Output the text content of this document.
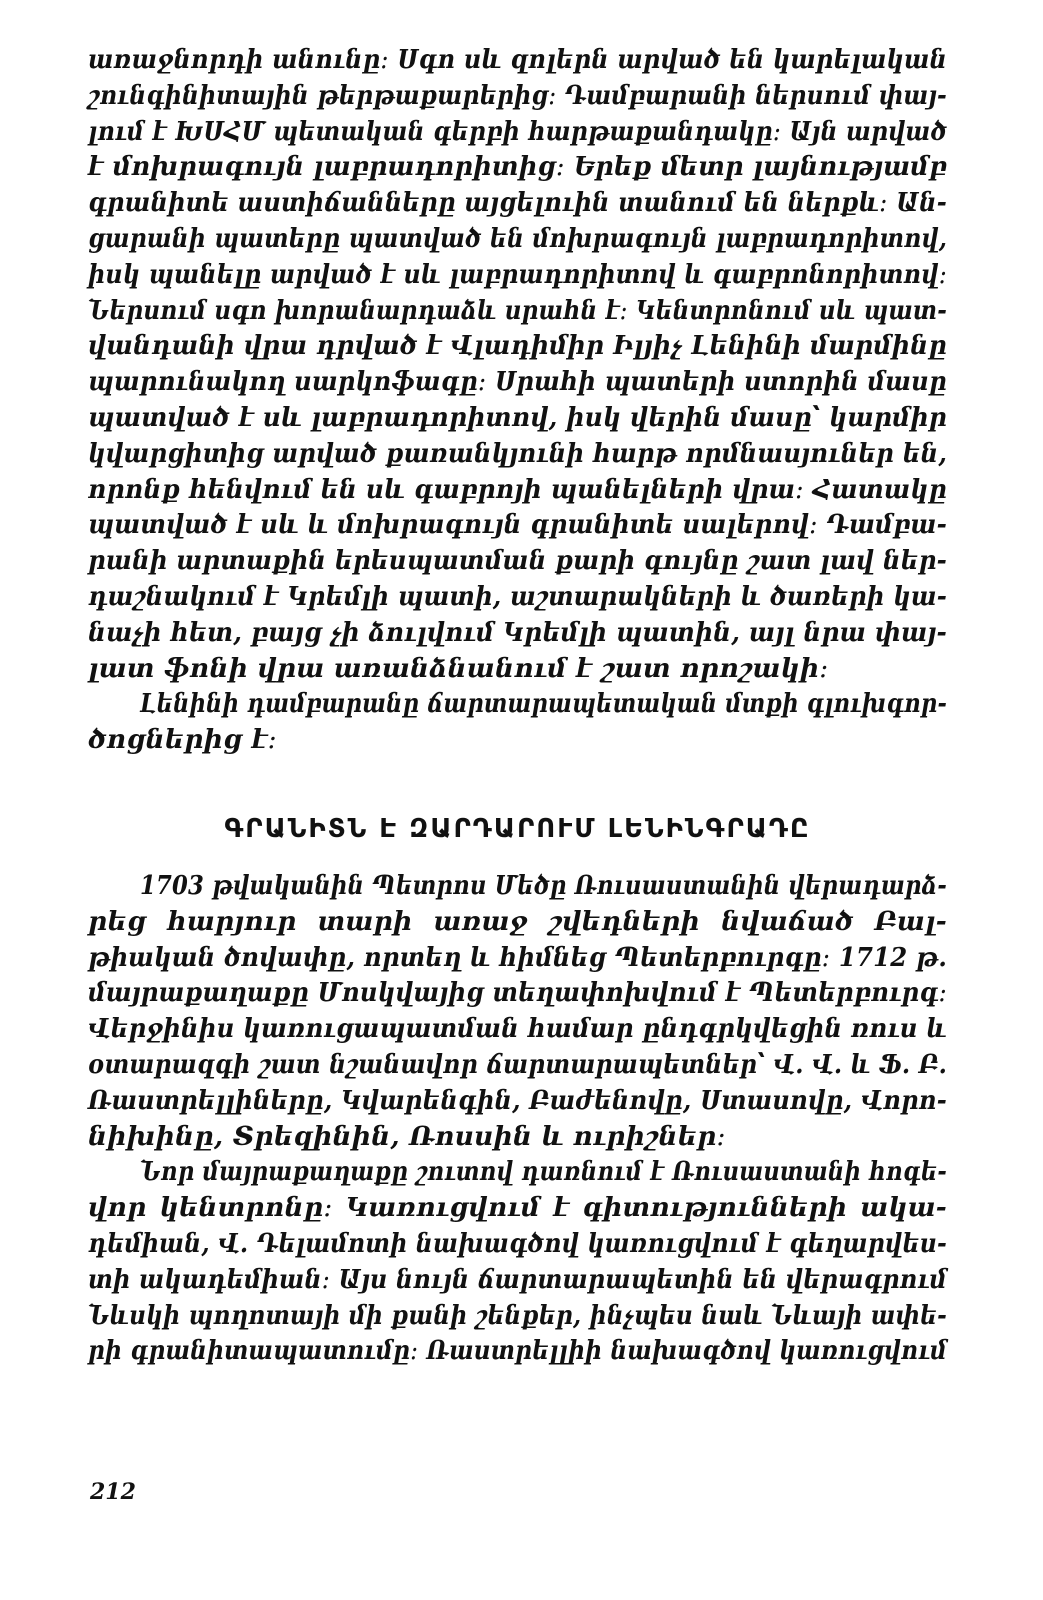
առաջնորդի անունը։ Սգո սև զոլերն արված են կարելական
շունգինիտային թերթաքարերից։ Դամբարանի ներսում փայ-
լում է ԽՍՀՄ պետական գերբի հարթաքանդակը։ Այն արված
է մոխրագույն լաբրադորիտից։ Երեք մետր լայնությամբ
գրանիտե աստիճանները այցելուին տանում են ներքև։ Ան-
ցարանի պատերը պատված են մոխրագույն լաբրադորիտով,
իսկ պանելը արված է սև լաբրադորիտով և գաբրոնորիտով։
Ներսում սգո խորանարդաձև սրահն է։ Կենտրոնում սև պատ-
վանդանի վրա դրված է Վլադիմիր Իլյիչ Լենինի մարմինը
պարունակող սարկոֆագը։ Սրահի պատերի ստորին մասը
պատված է սև լաբրադորիտով, իսկ վերին մասը՝ կարմիր
կվարցիտից արված քառանկյունի հարթ որմնասյուներ են,
որոնք հենվում են սև գաբրոյի պանելների վրա։ Հատակը
պատված է սև և մոխրագույն գրանիտե սալերով։ Դամբա-
րանի արտաքին երեսպատման քարի գույնը շատ լավ ներ-
դաշնակում է Կրեմլի պատի, աշտարակների և ծառերի կա-
նաչի հետ, բայց չի ձուլվում Կրեմլի պատին, այլ նրա փայ-
լատ ֆոնի վրա առանձնանում է շատ որոշակի։
Լենինի դամբարանը ճարտարապետական մտքի գլուխգոր-
ծոցներից է։
ԳՐԱՆԻՏՆ Է ԶԱՐԴԱՐՈՒՄ ԼԵՆԻՆԳՐԱԴԸ
1703 թվականին Պետրոս Մեծը Ռուսաստանին վերադարձ-
րեց հարյուր տարի առաջ շվեդների նվաճած Բալ-
թիական ծովափը, որտեղ և հիմնեց Պետերբուրգը։ 1712 թ.
մայրաքաղաքը Մոսկվայից տեղափոխվում է Պետերբուրգ։
Վերջինիս կառուցապատման համար ընդգրկվեցին ռուս և
օտարազգի շատ նշանավոր ճարտարապետներ՝ Վ. Վ. և Ֆ. Բ.
Ռաստրելլիները, Կվարենգին, Բաժենովը, Ստասովը, Վորո-
նիխինը, Տրեզինին, Ռոսսին և ուրիշներ։
Նոր մայրաքաղաքը շուտով դառնում է Ռուսաստանի հոգե-
վոր կենտրոնը։ Կառուցվում է գիտությունների ակա-
դեմիան, Վ. Դելամոտի նախագծով կառուցվում է գեղարվես-
տի ակադեմիան։ Այս նույն ճարտարապետին են վերագրում
Նևսկի պողոտայի մի քանի շենքեր, ինչպես նաև Նևայի ափե-
րի գրանիտապատումը։ Ռաստրելլիի նախագծով կառուցվում
212
